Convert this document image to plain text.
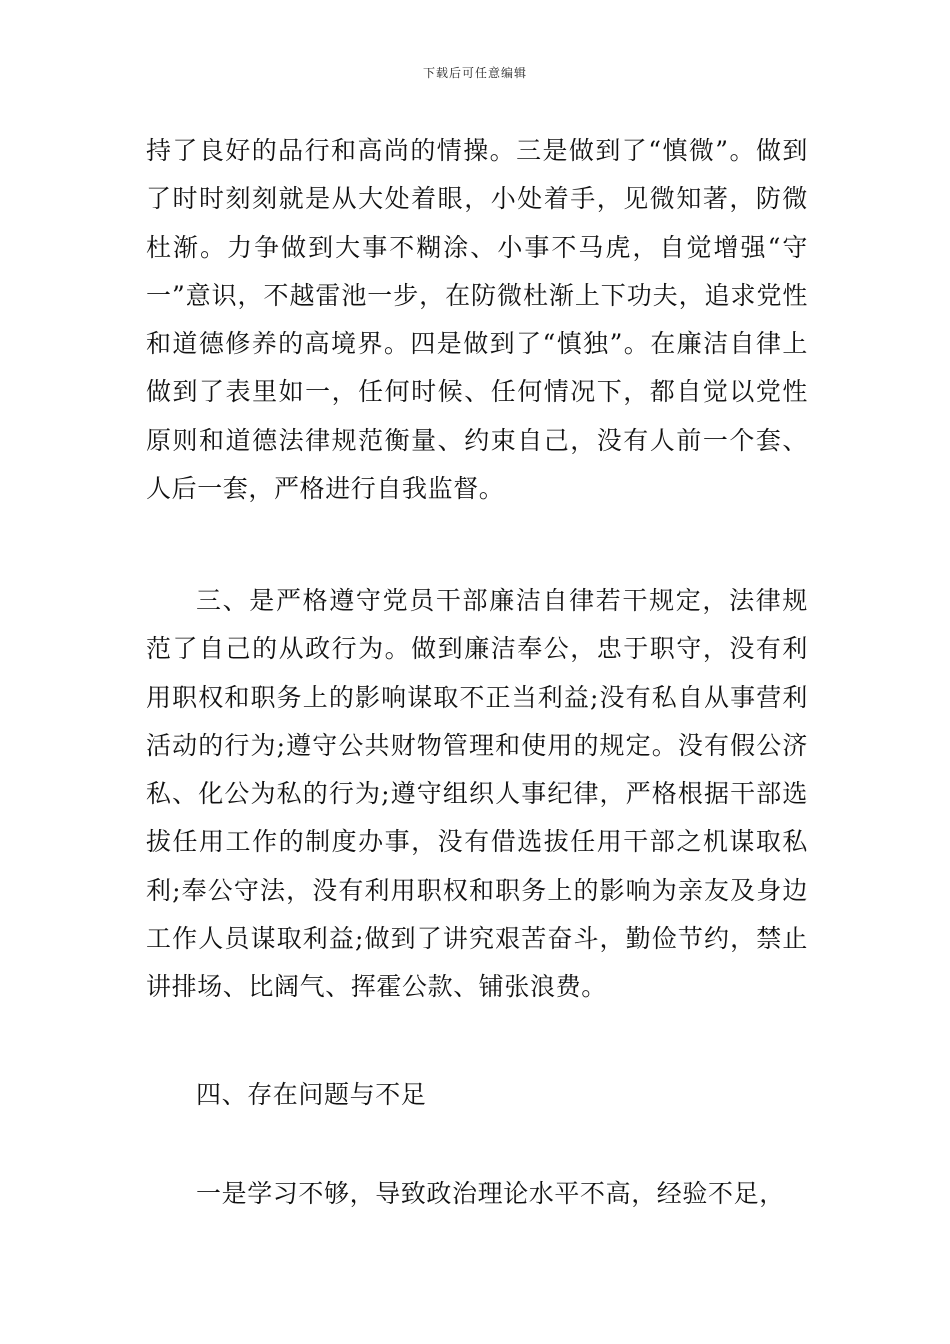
下载后可任意编辑

持了良好的品行和高尚的情操。三是做到了“慎微”。做到了时时刻刻就是从大处着眼，小处着手，见微知著，防微杜渐。力争做到大事不糊涂、小事不马虎，自觉增强“守一”意识，不越雷池一步，在防微杜渐上下功夫，追求党性和道德修养的高境界。四是做到了“慎独”。在廉洁自律上做到了表里如一，任何时候、任何情况下，都自觉以党性原则和道德法律规范衡量、约束自己，没有人前一个套、人后一套，严格进行自我监督。

三、是严格遵守党员干部廉洁自律若干规定，法律规范了自己的从政行为。做到廉洁奉公，忠于职守，没有利用职权和职务上的影响谋取不正当利益;没有私自从事营利活动的行为;遵守公共财物管理和使用的规定。没有假公济私、化公为私的行为;遵守组织人事纪律，严格根据干部选拔任用工作的制度办事，没有借选拔任用干部之机谋取私利;奉公守法，没有利用职权和职务上的影响为亲友及身边工作人员谋取利益;做到了讲究艰苦奋斗，勤俭节约，禁止讲排场、比阔气、挥霍公款、铺张浪费。

四、存在问题与不足

一是学习不够，导致政治理论水平不高，经验不足，
